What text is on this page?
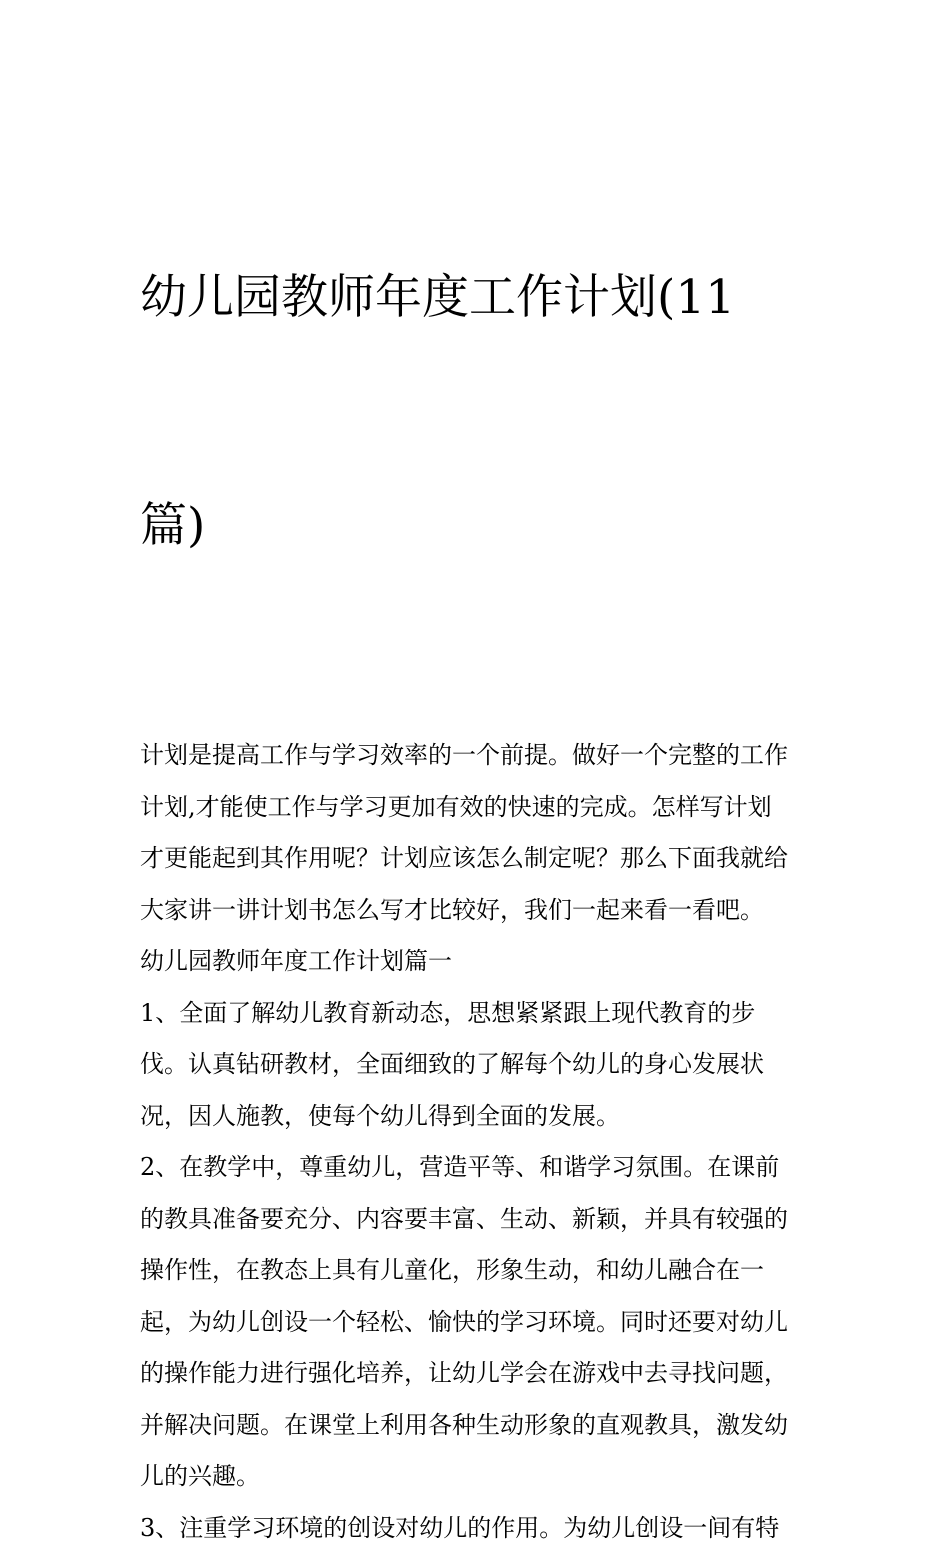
幼儿园教师年度工作计划(11

篇)

计划是提高工作与学习效率的一个前提。做好一个完整的工作
计划,才能使工作与学习更加有效的快速的完成。怎样写计划
才更能起到其作用呢？计划应该怎么制定呢？那么下面我就给
大家讲一讲计划书怎么写才比较好，我们一起来看一看吧。
幼儿园教师年度工作计划篇一
1、全面了解幼儿教育新动态，思想紧紧跟上现代教育的步
伐。认真钻研教材，全面细致的了解每个幼儿的身心发展状
况，因人施教，使每个幼儿得到全面的发展。
2、在教学中，尊重幼儿，营造平等、和谐学习氛围。在课前
的教具准备要充分、内容要丰富、生动、新颖，并具有较强的
操作性，在教态上具有儿童化，形象生动，和幼儿融合在一
起，为幼儿创设一个轻松、愉快的学习环境。同时还要对幼儿
的操作能力进行强化培养，让幼儿学会在游戏中去寻找问题，
并解决问题。在课堂上利用各种生动形象的直观教具，激发幼
儿的兴趣。
3、注重学习环境的创设对幼儿的作用。为幼儿创设一间有特
